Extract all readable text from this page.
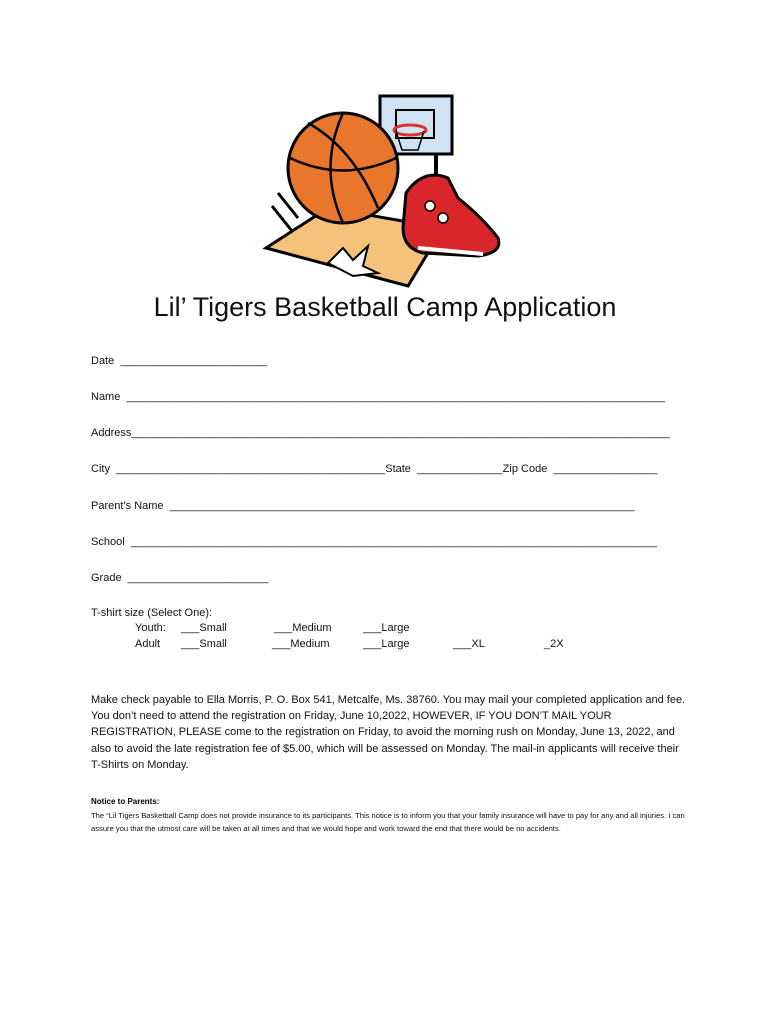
Lil’ Tigers Basketball Camp Application
Date  ________________________
Name  ________________________________________________________________________________________
Address________________________________________________________________________________________
City  ____________________________________________State  ______________Zip Code  _________________
Parent’s Name  ____________________________________________________________________________
School  ______________________________________________________________________________________
Grade  _______________________
T-shirt size (Select One):
Youth: ___Small	___Medium	___Large
Adult ___Small	___Medium	___Large	___XL	_2X
Make check payable to Ella Morris, P. O. Box 541, Metcalfe, Ms. 38760. You may mail your completed application and fee. You don’t need to attend the registration on Friday, June 10,2022, HOWEVER, IF YOU DON’T MAIL YOUR REGISTRATION, PLEASE come to the registration on Friday, to avoid the morning rush on Monday, June 13, 2022, and also to avoid the late registration fee of $5.00, which will be assessed on Monday. The mail-in applicants will receive their T-Shirts on Monday.
Notice to Parents:
The “Lil Tigers Basketball Camp does not provide insurance to its participants. This notice is to inform you that your family insurance will have to pay for any and all injuries. I can assure you that the utmost care will be taken at all times and that we would hope and work toward the end that there would be no accidents.
